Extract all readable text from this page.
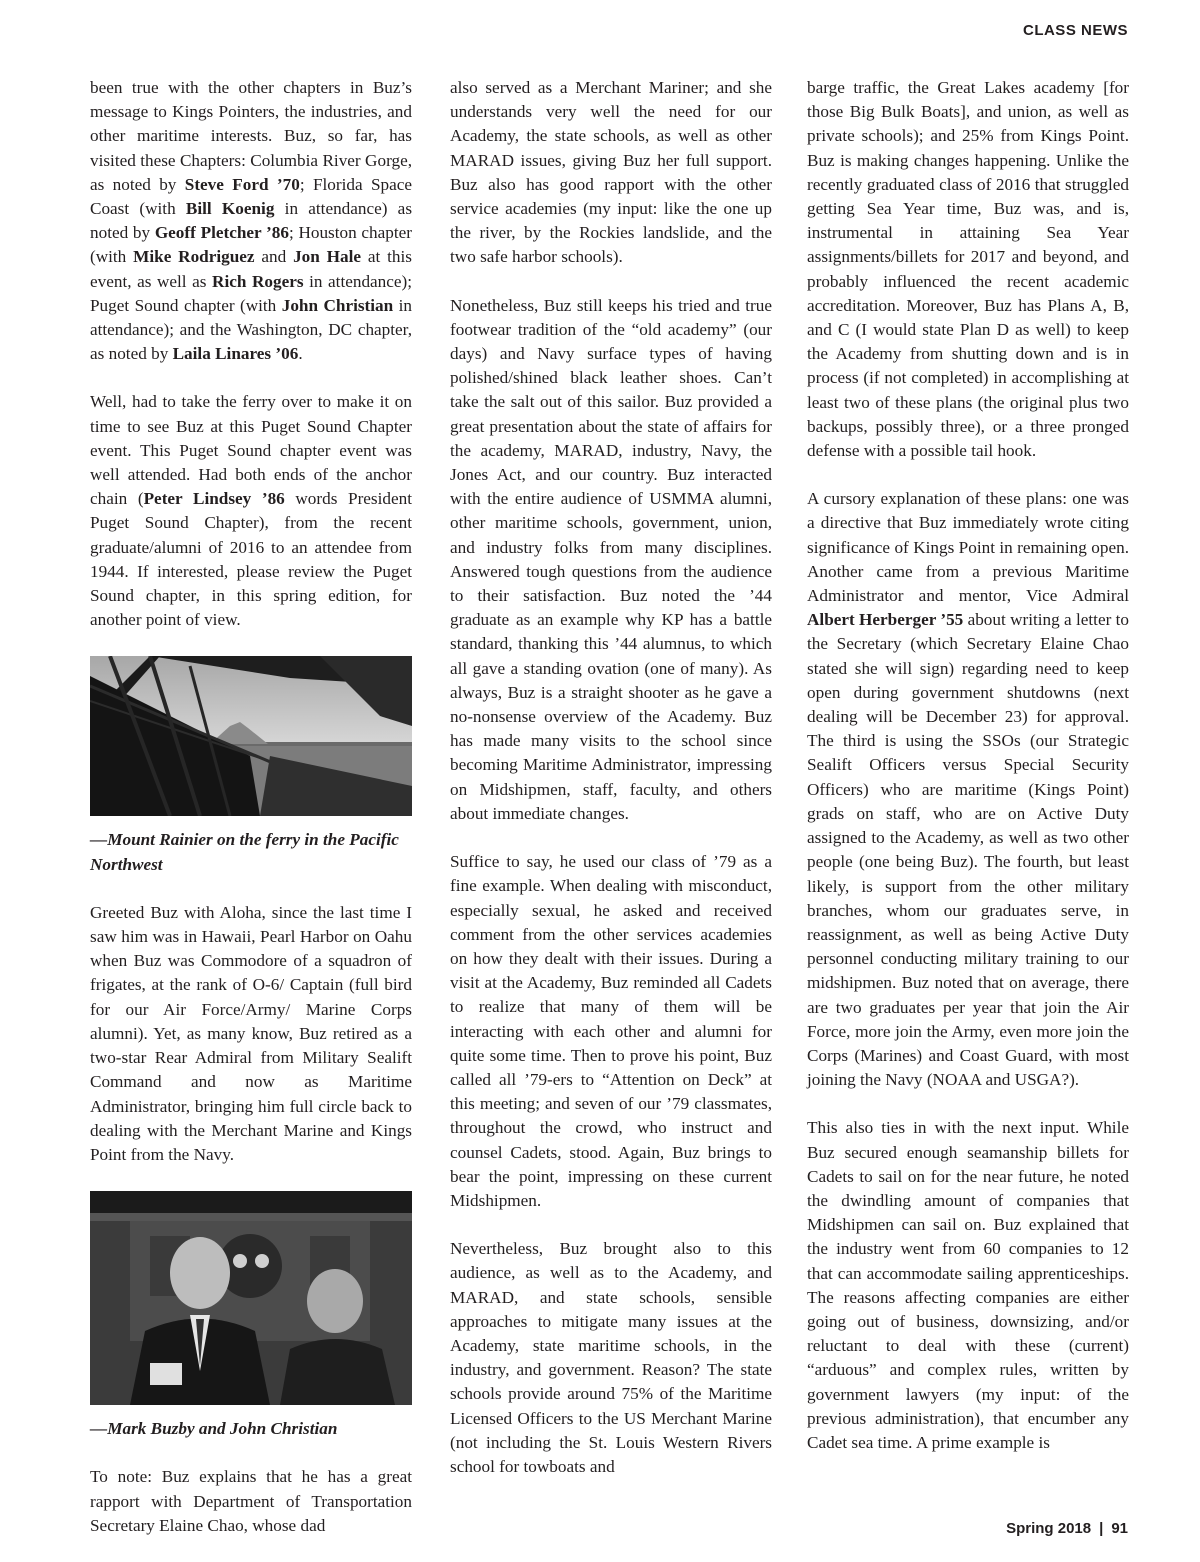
CLASS NEWS

been true with the other chapters in Buz’s message to Kings Pointers, the industries, and other maritime interests. Buz, so far, has visited these Chapters: Columbia River Gorge, as noted by Steve Ford ’70; Florida Space Coast (with Bill Koenig in attendance) as noted by Geoff Pletcher ’86; Houston chapter (with Mike Rodriguez and Jon Hale at this event, as well as Rich Rogers in attendance); Puget Sound chapter (with John Christian in attendance); and the Washington, DC chapter, as noted by Laila Linares ’06.

Well, had to take the ferry over to make it on time to see Buz at this Puget Sound Chapter event. This Puget Sound chapter event was well attended. Had both ends of the anchor chain (Peter Lindsey ’86 words President Puget Sound Chapter), from the recent graduate/alumni of 2016 to an attendee from 1944. If interested, please review the Puget Sound chapter, in this spring edition, for another point of view.

—Mount Rainier on the ferry in the Pacific Northwest

Greeted Buz with Aloha, since the last time I saw him was in Hawaii, Pearl Harbor on Oahu when Buz was Commodore of a squadron of frigates, at the rank of O-6/ Captain (full bird for our Air Force/Army/ Marine Corps alumni). Yet, as many know, Buz retired as a two-star Rear Admiral from Military Sealift Command and now as Maritime Administrator, bringing him full circle back to dealing with the Merchant Marine and Kings Point from the Navy.

—Mark Buzby and John Christian

To note: Buz explains that he has a great rapport with Department of Transportation Secretary Elaine Chao, whose dad

also served as a Merchant Mariner; and she understands very well the need for our Academy, the state schools, as well as other MARAD issues, giving Buz her full support. Buz also has good rapport with the other service academies (my input: like the one up the river, by the Rockies landslide, and the two safe harbor schools).

Nonetheless, Buz still keeps his tried and true footwear tradition of the “old academy” (our days) and Navy surface types of having polished/shined black leather shoes. Can’t take the salt out of this sailor. Buz provided a great presentation about the state of affairs for the academy, MARAD, industry, Navy, the Jones Act, and our country. Buz interacted with the entire audience of USMMA alumni, other maritime schools, government, union, and industry folks from many disciplines. Answered tough questions from the audience to their satisfaction. Buz noted the ’44 graduate as an example why KP has a battle standard, thanking this ’44 alumnus, to which all gave a standing ovation (one of many). As always, Buz is a straight shooter as he gave a no-nonsense overview of the Academy. Buz has made many visits to the school since becoming Maritime Administrator, impressing on Midshipmen, staff, faculty, and others about immediate changes.

Suffice to say, he used our class of ’79 as a fine example. When dealing with misconduct, especially sexual, he asked and received comment from the other services academies on how they dealt with their issues. During a visit at the Academy, Buz reminded all Cadets to realize that many of them will be interacting with each other and alumni for quite some time. Then to prove his point, Buz called all ’79-ers to “Attention on Deck” at this meeting; and seven of our ’79 classmates, throughout the crowd, who instruct and counsel Cadets, stood. Again, Buz brings to bear the point, impressing on these current Midshipmen.

Nevertheless, Buz brought also to this audience, as well as to the Academy, and MARAD, and state schools, sensible approaches to mitigate many issues at the Academy, state maritime schools, in the industry, and government. Reason? The state schools provide around 75% of the Maritime Licensed Officers to the US Merchant Marine (not including the St. Louis Western Rivers school for towboats and

barge traffic, the Great Lakes academy [for those Big Bulk Boats], and union, as well as private schools); and 25% from Kings Point. Buz is making changes happening. Unlike the recently graduated class of 2016 that struggled getting Sea Year time, Buz was, and is, instrumental in attaining Sea Year assignments/billets for 2017 and beyond, and probably influenced the recent academic accreditation. Moreover, Buz has Plans A, B, and C (I would state Plan D as well) to keep the Academy from shutting down and is in process (if not completed) in accomplishing at least two of these plans (the original plus two backups, possibly three), or a three pronged defense with a possible tail hook.

A cursory explanation of these plans: one was a directive that Buz immediately wrote citing significance of Kings Point in remaining open. Another came from a previous Maritime Administrator and mentor, Vice Admiral Albert Herberger ’55 about writing a letter to the Secretary (which Secretary Elaine Chao stated she will sign) regarding need to keep open during government shutdowns (next dealing will be December 23) for approval. The third is using the SSOs (our Strategic Sealift Officers versus Special Security Officers) who are maritime (Kings Point) grads on staff, who are on Active Duty assigned to the Academy, as well as two other people (one being Buz). The fourth, but least likely, is support from the other military branches, whom our graduates serve, in reassignment, as well as being Active Duty personnel conducting military training to our midshipmen. Buz noted that on average, there are two graduates per year that join the Air Force, more join the Army, even more join the Corps (Marines) and Coast Guard, with most joining the Navy (NOAA and USGA?).

This also ties in with the next input. While Buz secured enough seamanship billets for Cadets to sail on for the near future, he noted the dwindling amount of companies that Midshipmen can sail on. Buz explained that the industry went from 60 companies to 12 that can accommodate sailing apprenticeships. The reasons affecting companies are either going out of business, downsizing, and/or reluctant to deal with these (current) “arduous” and complex rules, written by government lawyers (my input: of the previous administration), that encumber any Cadet sea time. A prime example is

Spring 2018 | 91
